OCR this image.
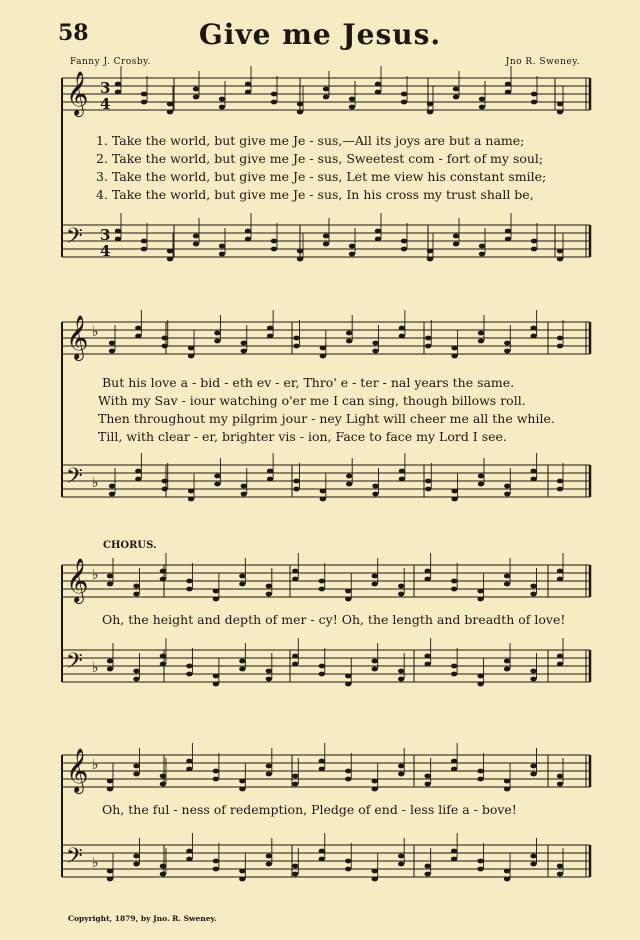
58	Give me Jesus.
Fanny J. Crosby.	Jno R. Sweney.
𝄞
𝄢
𝄞 ♭
𝄢 ♭
𝄞 ♭
𝄢 ♭
𝄞 ♭
𝄢 ♭
3
4
3
4
1. Take the world, but give me Je - sus,—All its joys are but a name;
2. Take the world, but give me Je - sus, Sweetest com - fort of my soul;
3. Take the world, but give me Je - sus, Let me view his constant smile;
4. Take the world, but give me Je - sus, In his cross my trust shall be,
But his love a - bid - eth ev - er, Thro' e - ter - nal years the same.
With my Sav - iour watching o'er me I can sing, though billows roll.
Then throughout my pilgrim jour - ney Light will cheer me all the while.
Till, with clear - er, brighter vis - ion, Face to face my Lord I see.
CHORUS.
Oh, the height and depth of mer - cy! Oh, the length and breadth of love!
Oh, the ful - ness of redemption, Pledge of end - less life a - bove!
Copyright, 1879, by Jno. R. Sweney.
